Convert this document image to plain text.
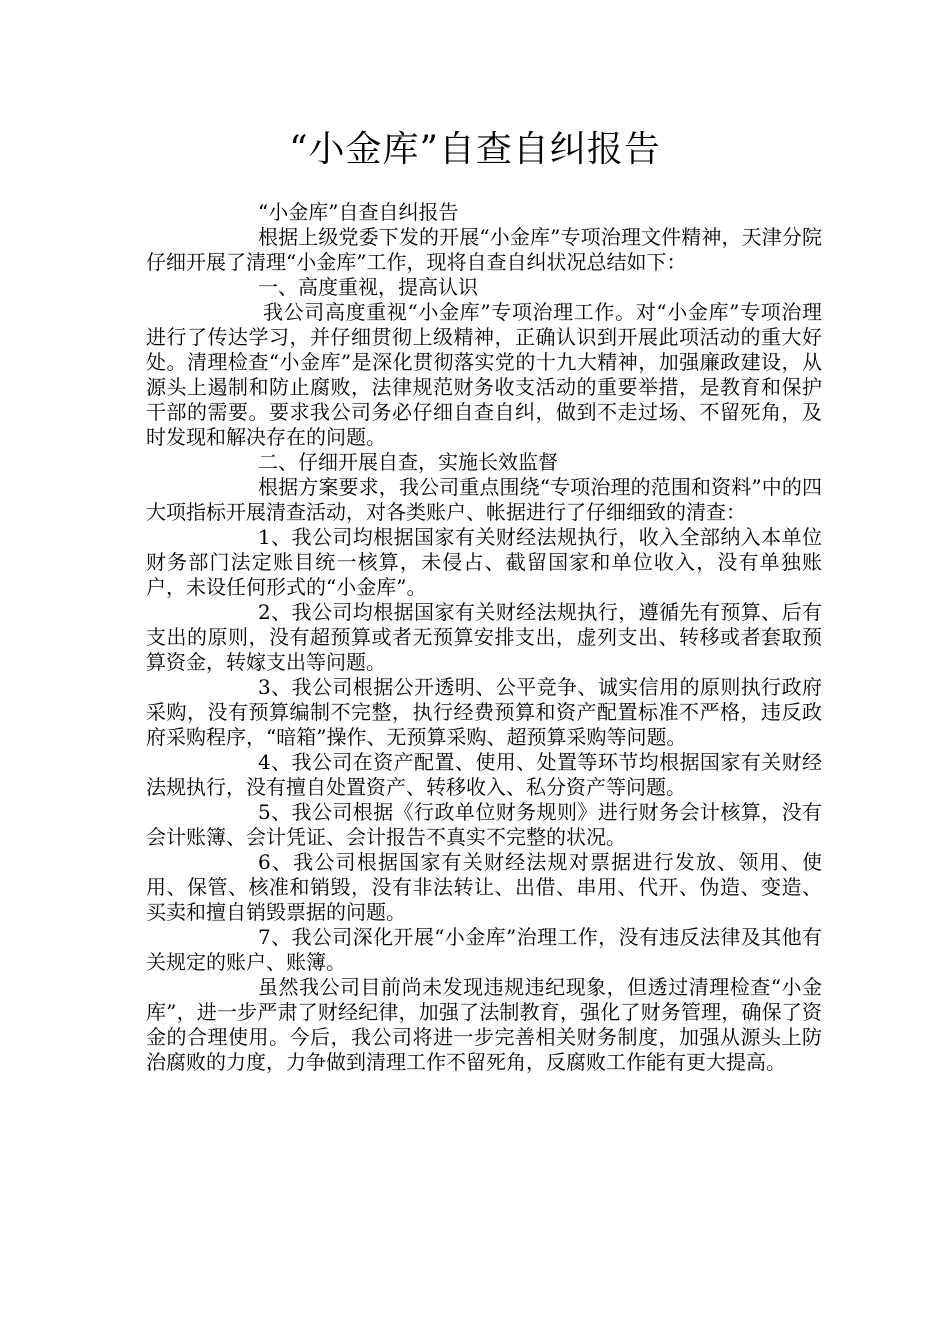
“小金库”自查自纠报告

“小金库”自查自纠报告

根据上级党委下发的开展“小金库”专项治理文件精神，天津分院仔细开展了清理“小金库”工作，现将自查自纠状况总结如下：

一、高度重视，提高认识

我公司高度重视“小金库”专项治理工作。对“小金库”专项治理进行了传达学习，并仔细贯彻上级精神，正确认识到开展此项活动的重大好处。清理检查“小金库”是深化贯彻落实党的十九大精神，加强廉政建设，从源头上遏制和防止腐败，法律规范财务收支活动的重要举措，是教育和保护干部的需要。要求我公司务必仔细自查自纠，做到不走过场、不留死角，及时发现和解决存在的问题。

二、仔细开展自查，实施长效监督

根据方案要求，我公司重点围绕“专项治理的范围和资料”中的四大项指标开展清查活动，对各类账户、帐据进行了仔细细致的清查：

1、我公司均根据国家有关财经法规执行，收入全部纳入本单位财务部门法定账目统一核算，未侵占、截留国家和单位收入，没有单独账户，未设任何形式的“小金库”。

2、我公司均根据国家有关财经法规执行，遵循先有预算、后有支出的原则，没有超预算或者无预算安排支出，虚列支出、转移或者套取预算资金，转嫁支出等问题。

3、我公司根据公开透明、公平竞争、诚实信用的原则执行政府采购，没有预算编制不完整，执行经费预算和资产配置标准不严格，违反政府采购程序，“暗箱”操作、无预算采购、超预算采购等问题。

4、我公司在资产配置、使用、处置等环节均根据国家有关财经法规执行，没有擅自处置资产、转移收入、私分资产等问题。

5、我公司根据《行政单位财务规则》进行财务会计核算，没有会计账簿、会计凭证、会计报告不真实不完整的状况。

6、我公司根据国家有关财经法规对票据进行发放、领用、使用、保管、核准和销毁，没有非法转让、出借、串用、代开、伪造、变造、买卖和擅自销毁票据的问题。

7、我公司深化开展“小金库”治理工作，没有违反法律及其他有关规定的账户、账簿。

虽然我公司目前尚未发现违规违纪现象，但透过清理检查“小金库”，进一步严肃了财经纪律，加强了法制教育，强化了财务管理，确保了资金的合理使用。今后，我公司将进一步完善相关财务制度，加强从源头上防治腐败的力度，力争做到清理工作不留死角，反腐败工作能有更大提高。
